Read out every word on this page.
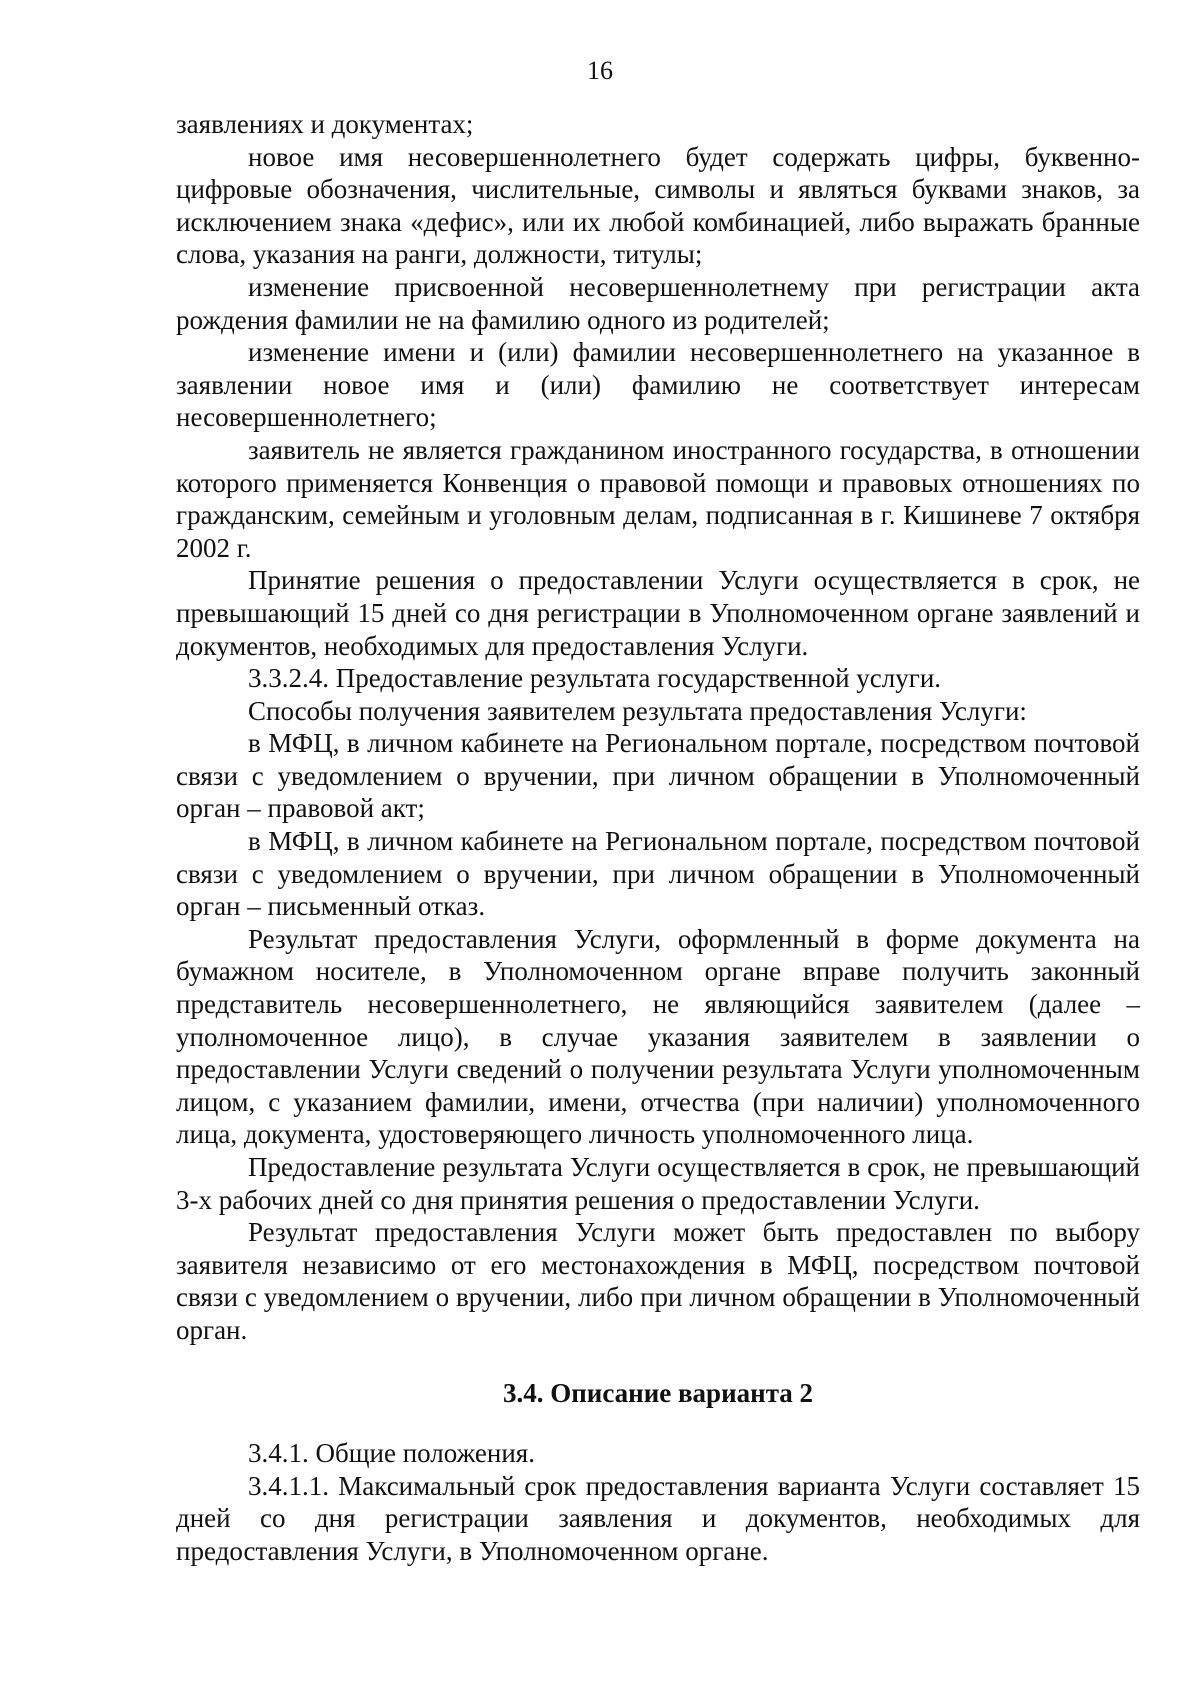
16

заявлениях и документах;

новое имя несовершеннолетнего будет содержать цифры, буквенно-цифровые обозначения, числительные, символы и являться буквами знаков, за исключением знака «дефис», или их любой комбинацией, либо выражать бранные слова, указания на ранги, должности, титулы;

изменение присвоенной несовершеннолетнему при регистрации акта рождения фамилии не на фамилию одного из родителей;

изменение имени и (или) фамилии несовершеннолетнего на указанное в заявлении новое имя и (или) фамилию не соответствует интересам несовершеннолетнего;

заявитель не является гражданином иностранного государства, в отношении которого применяется Конвенция о правовой помощи и правовых отношениях по гражданским, семейным и уголовным делам, подписанная в г. Кишиневе 7 октября 2002 г.

Принятие решения о предоставлении Услуги осуществляется в срок, не превышающий 15 дней со дня регистрации в Уполномоченном органе заявлений и документов, необходимых для предоставления Услуги.

3.3.2.4. Предоставление результата государственной услуги.

Способы получения заявителем результата предоставления Услуги:

в МФЦ, в личном кабинете на Региональном портале, посредством почтовой связи с уведомлением о вручении, при личном обращении в Уполномоченный орган – правовой акт;

в МФЦ, в личном кабинете на Региональном портале, посредством почтовой связи с уведомлением о вручении, при личном обращении в Уполномоченный орган – письменный отказ.

Результат предоставления Услуги, оформленный в форме документа на бумажном носителе, в Уполномоченном органе вправе получить законный представитель несовершеннолетнего, не являющийся заявителем (далее – уполномоченное лицо), в случае указания заявителем в заявлении о предоставлении Услуги сведений о получении результата Услуги уполномоченным лицом, с указанием фамилии, имени, отчества (при наличии) уполномоченного лица, документа, удостоверяющего личность уполномоченного лица.

Предоставление результата Услуги осуществляется в срок, не превышающий 3-х рабочих дней со дня принятия решения о предоставлении Услуги.

Результат предоставления Услуги может быть предоставлен по выбору заявителя независимо от его местонахождения в МФЦ, посредством почтовой связи с уведомлением о вручении, либо при личном обращении в Уполномоченный орган.

3.4. Описание варианта 2

3.4.1. Общие положения.

3.4.1.1. Максимальный срок предоставления варианта Услуги составляет 15 дней со дня регистрации заявления и документов, необходимых для предоставления Услуги, в Уполномоченном органе.
